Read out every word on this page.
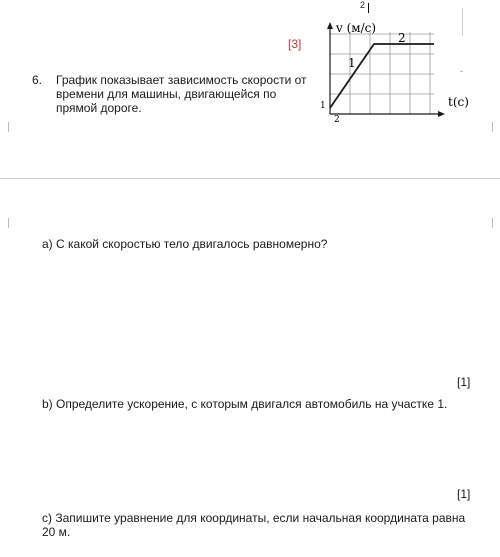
2
[3]
6. График показывает зависимость скорости от
времени для машины, двигающейся по
прямой дороге.
v (м/с)
t(с)
1
2
1
2
-
a) С какой скоростью тело двигалось равномерно?
[1]
b) Определите ускорение, с которым двигался автомобиль на участке 1.
[1]
c) Запишите уравнение для координаты, если начальная координата равна
20 м.
